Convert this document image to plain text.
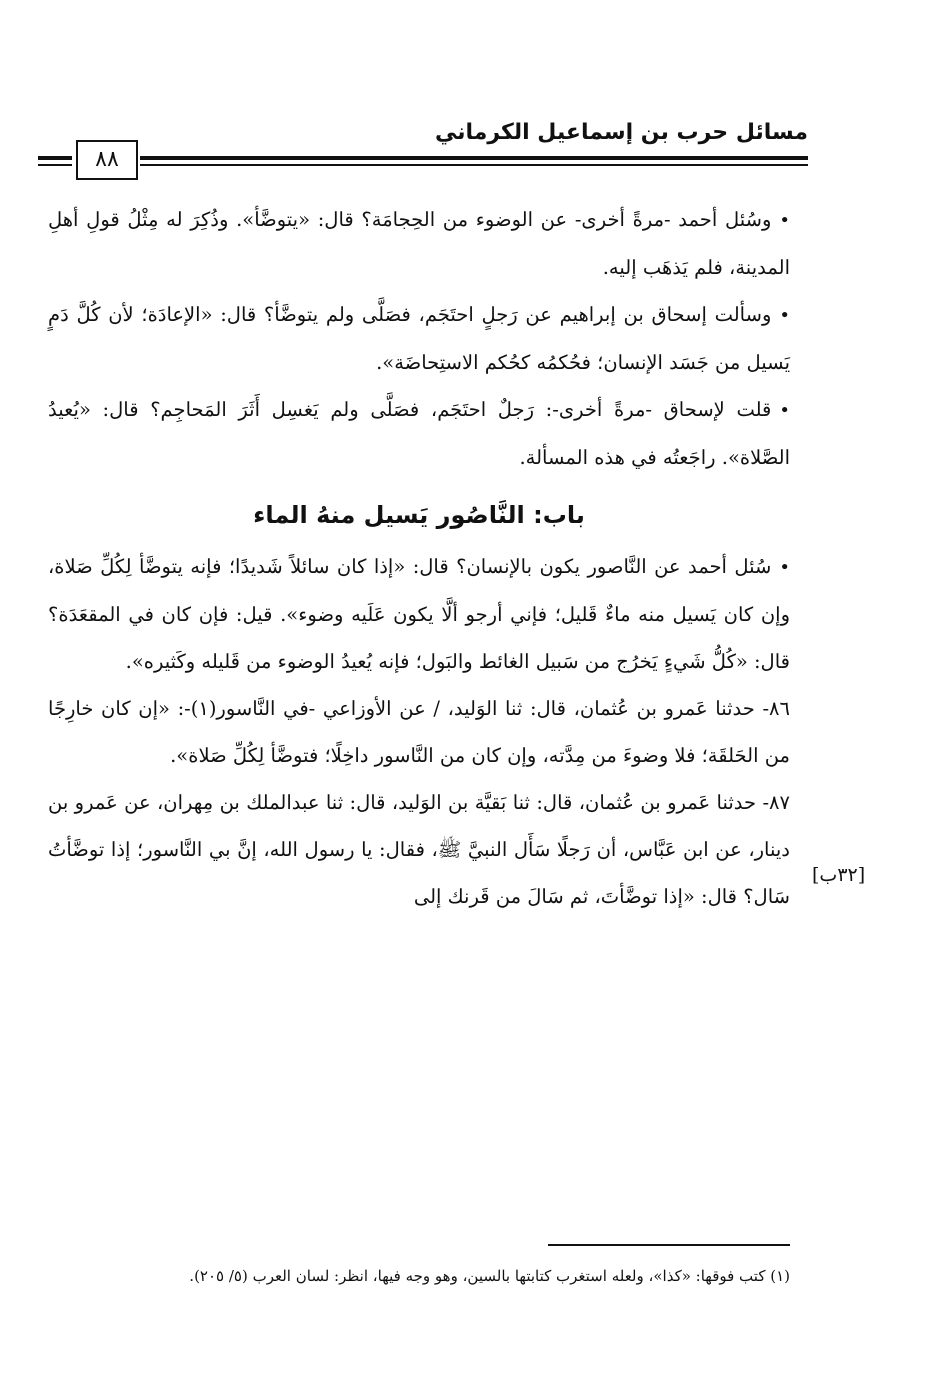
مسائل حرب بن إسماعيل الكرماني
٨٨

•وسُئل أحمد -مرةً أخرى- عن الوضوء من الحِجامَة؟ قال: «يتوضَّأ». وذُكِرَ له مِثْلُ قولِ أهلِ المدينة، فلم يَذهَب إليه.

•وسألت إسحاق بن إبراهيم عن رَجلٍ احتَجَم، فصَلَّى ولم يتوضَّأ؟ قال: «الإعادَة؛ لأن كُلَّ دَمٍ يَسيل من جَسَد الإنسان؛ فحُكمُه كحُكم الاستِحاضَة».

•قلت لإسحاق -مرةً أخرى-: رَجلٌ احتَجَم، فصَلَّى ولم يَغسِل أَثَرَ المَحاجِم؟ قال: «يُعيدُ الصَّلاة». راجَعتُه في هذه المسألة.

باب: النَّاصُور يَسيل منهُ الماء

•سُئل أحمد عن النَّاصور يكون بالإنسان؟ قال: «إذا كان سائلاً شَديدًا؛ فإنه يتوضَّأ لِكُلِّ صَلاة، وإن كان يَسيل منه ماءٌ قَليل؛ فإني أرجو ألَّا يكون عَلَيه وضوء». قيل: فإن كان في المقعَدَة؟ قال: «كُلُّ شَيءٍ يَخرُج من سَبيل الغائط والبَول؛ فإنه يُعيدُ الوضوء من قَليله وكَثيره».

٨٦- حدثنا عَمرو بن عُثمان، قال: ثنا الوَليد، / عن الأوزاعي -في النَّاسور(١)-: «إن كان خارِجًا من الحَلقَة؛ فلا وضوءَ من مِدَّته، وإن كان من النَّاسور داخِلًا؛ فتوضَّأ لِكُلِّ صَلاة».

٨٧- حدثنا عَمرو بن عُثمان، قال: ثنا بَقيَّة بن الوَليد، قال: ثنا عبدالملك بن مِهران، عن عَمرو بن دينار، عن ابن عَبَّاس، أن رَجلًا سَأَل النبيَّ ﷺ، فقال: يا رسول الله، إنَّ بي النَّاسور؛ إذا توضَّأتُ سَال؟ قال: «إذا توضَّأتَ، ثم سَالَ من قَرنك إلى

[٣٢ب]
(١) كتب فوقها: «كذا»، ولعله استغرب كتابتها بالسين، وهو وجه فيها، انظر: لسان العرب (٥/ ٢٠٥).
